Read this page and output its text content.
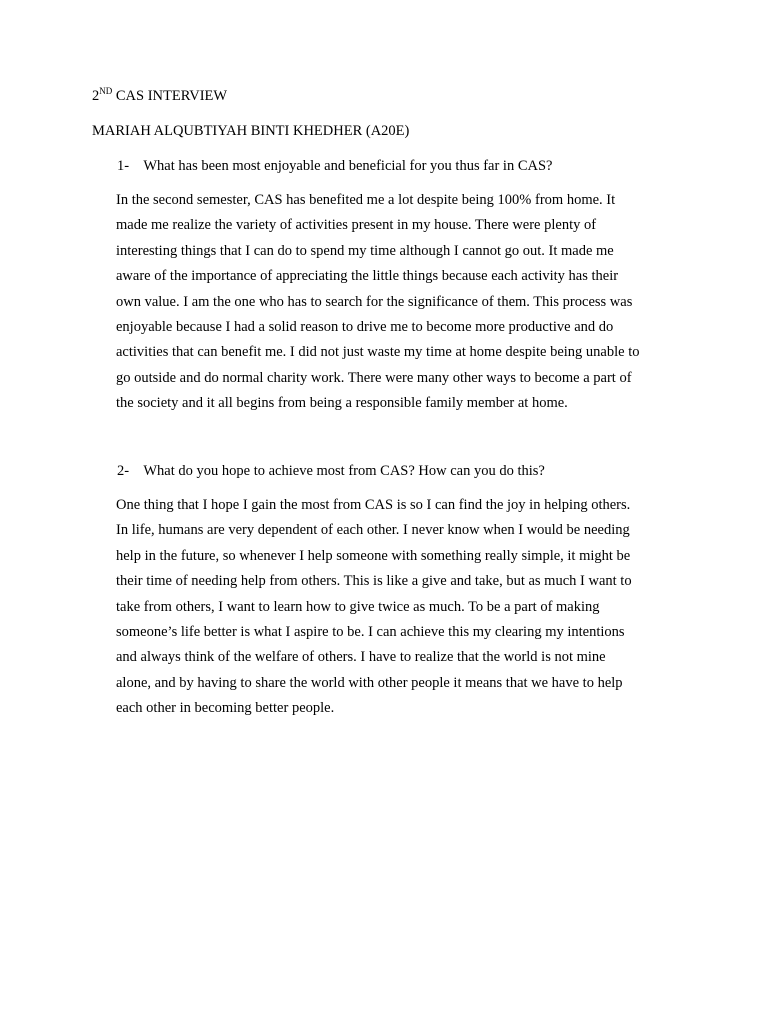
2ND CAS INTERVIEW
MARIAH ALQUBTIYAH BINTI KHEDHER (A20E)
1- What has been most enjoyable and beneficial for you thus far in CAS?
In the second semester, CAS has benefited me a lot despite being 100% from home. It
made me realize the variety of activities present in my house. There were plenty of
interesting things that I can do to spend my time although I cannot go out. It made me
aware of the importance of appreciating the little things because each activity has their
own value. I am the one who has to search for the significance of them. This process was
enjoyable because I had a solid reason to drive me to become more productive and do
activities that can benefit me. I did not just waste my time at home despite being unable to
go outside and do normal charity work. There were many other ways to become a part of
the society and it all begins from being a responsible family member at home.
2- What do you hope to achieve most from CAS? How can you do this?
One thing that I hope I gain the most from CAS is so I can find the joy in helping others.
In life, humans are very dependent of each other. I never know when I would be needing
help in the future, so whenever I help someone with something really simple, it might be
their time of needing help from others. This is like a give and take, but as much I want to
take from others, I want to learn how to give twice as much. To be a part of making
someone’s life better is what I aspire to be. I can achieve this my clearing my intentions
and always think of the welfare of others. I have to realize that the world is not mine
alone, and by having to share the world with other people it means that we have to help
each other in becoming better people.
